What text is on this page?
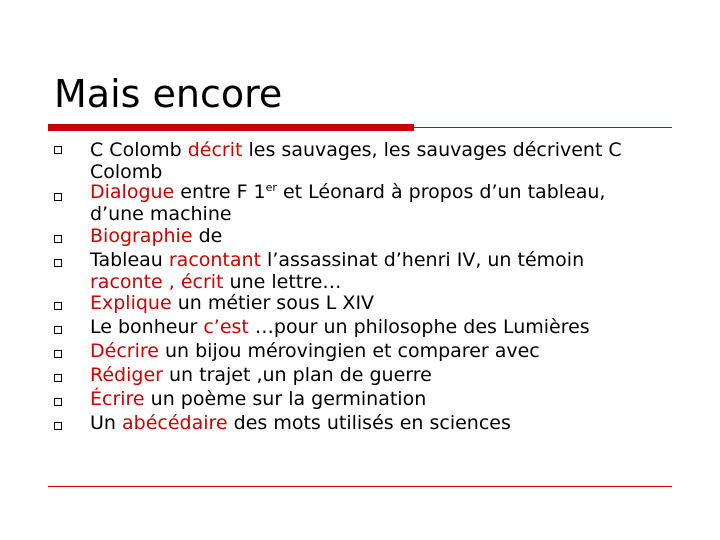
Mais encore
C Colomb décrit les sauvages, les sauvages décrivent C
Colomb
Dialogue entre F 1er et Léonard à propos d’un tableau,
d’une machine
Biographie de
Tableau racontant l’assassinat d’henri IV, un témoin
raconte , écrit une lettre…
Explique un métier sous L XIV
Le bonheur c’est …pour un philosophe des Lumières
Décrire un bijou mérovingien et comparer avec
Rédiger un trajet ,un plan de guerre
Écrire un poème sur la germination
Un abécédaire des mots utilisés en sciences
